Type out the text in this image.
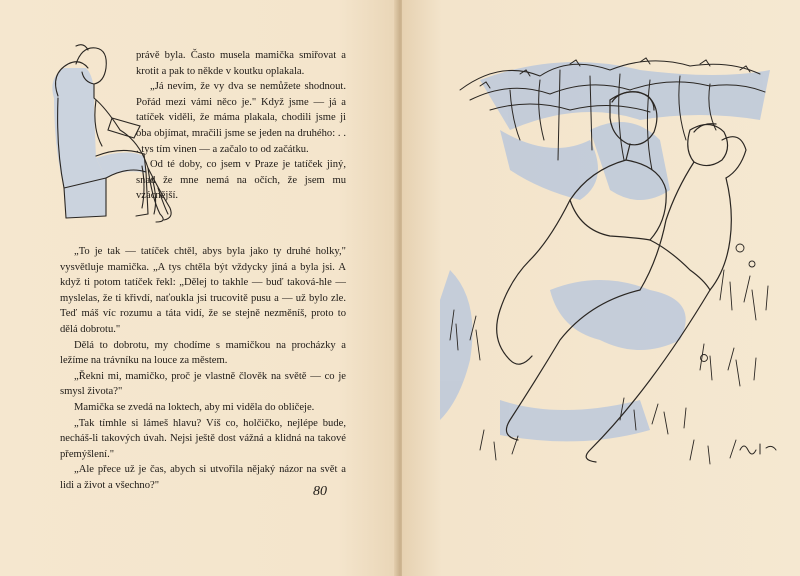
právě byla. Často musela mamička smiřovat a krotit a pak to někde v koutku oplakala.

„Já nevím, že vy dva se nemůžete shodnout. Pořád mezi vámi něco je." Když jsme — já a tatíček viděli, že máma plakala, chodili jsme ji oba objímat, mračili jsme se jeden na druhého: . . . tys tím vinen — a začalo to od začátku.

Od té doby, co jsem v Praze je tatíček jiný, snad že mne nemá na očích, že jsem mu vzácnější.

„To je tak — tatíček chtěl, abys byla jako ty druhé holky," vysvětluje mamička. „A tys chtěla být vždycky jiná a byla jsi. A když ti potom tatíček řekl: „Dělej to takhle — buď taková-hle — myslelas, že ti křivdí, naťoukla jsi trucovitě pusu a — už bylo zle. Teď máš víc rozumu a táta vidí, že se stejně nezměníš, proto to dělá dobrotu."

Dělá to dobrotu, my chodíme s mamičkou na procházky a ležíme na trávníku na louce za městem.

„Řekni mi, mamičko, proč je vlastně člověk na světě — co je smysl života?"

Mamička se zvedá na loktech, aby mi viděla do obličeje.

„Tak tímhle si lámeš hlavu? Víš co, holčičko, nejlépe bude, necháš-li takových úvah. Nejsi ještě dost vážná a klidná na takové přemýšlení."

„Ale přece už je čas, abych si utvořila nějaký názor na svět a lidi a život a všechno?"	80
